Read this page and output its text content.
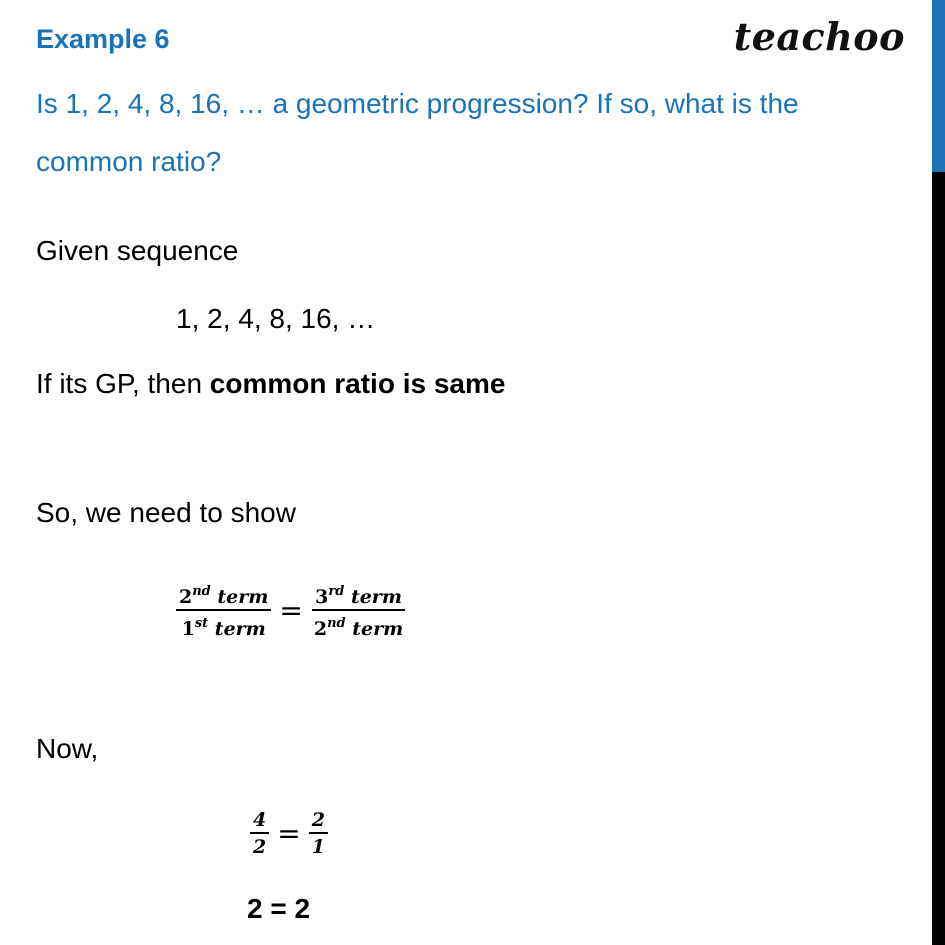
Example 6	teachoo
Is 1, 2, 4, 8, 16, … a geometric progression? If so, what is the
common ratio?
Given sequence
1, 2, 4, 8, 16, …
If its GP, then common ratio is same
So, we need to show
$\frac{2^{nd} term}{1^{st} term} = \frac{3^{rd} term}{2^{nd} term}$
Now,
$\frac{4}{2} = \frac{2}{1}$
2 = 2
